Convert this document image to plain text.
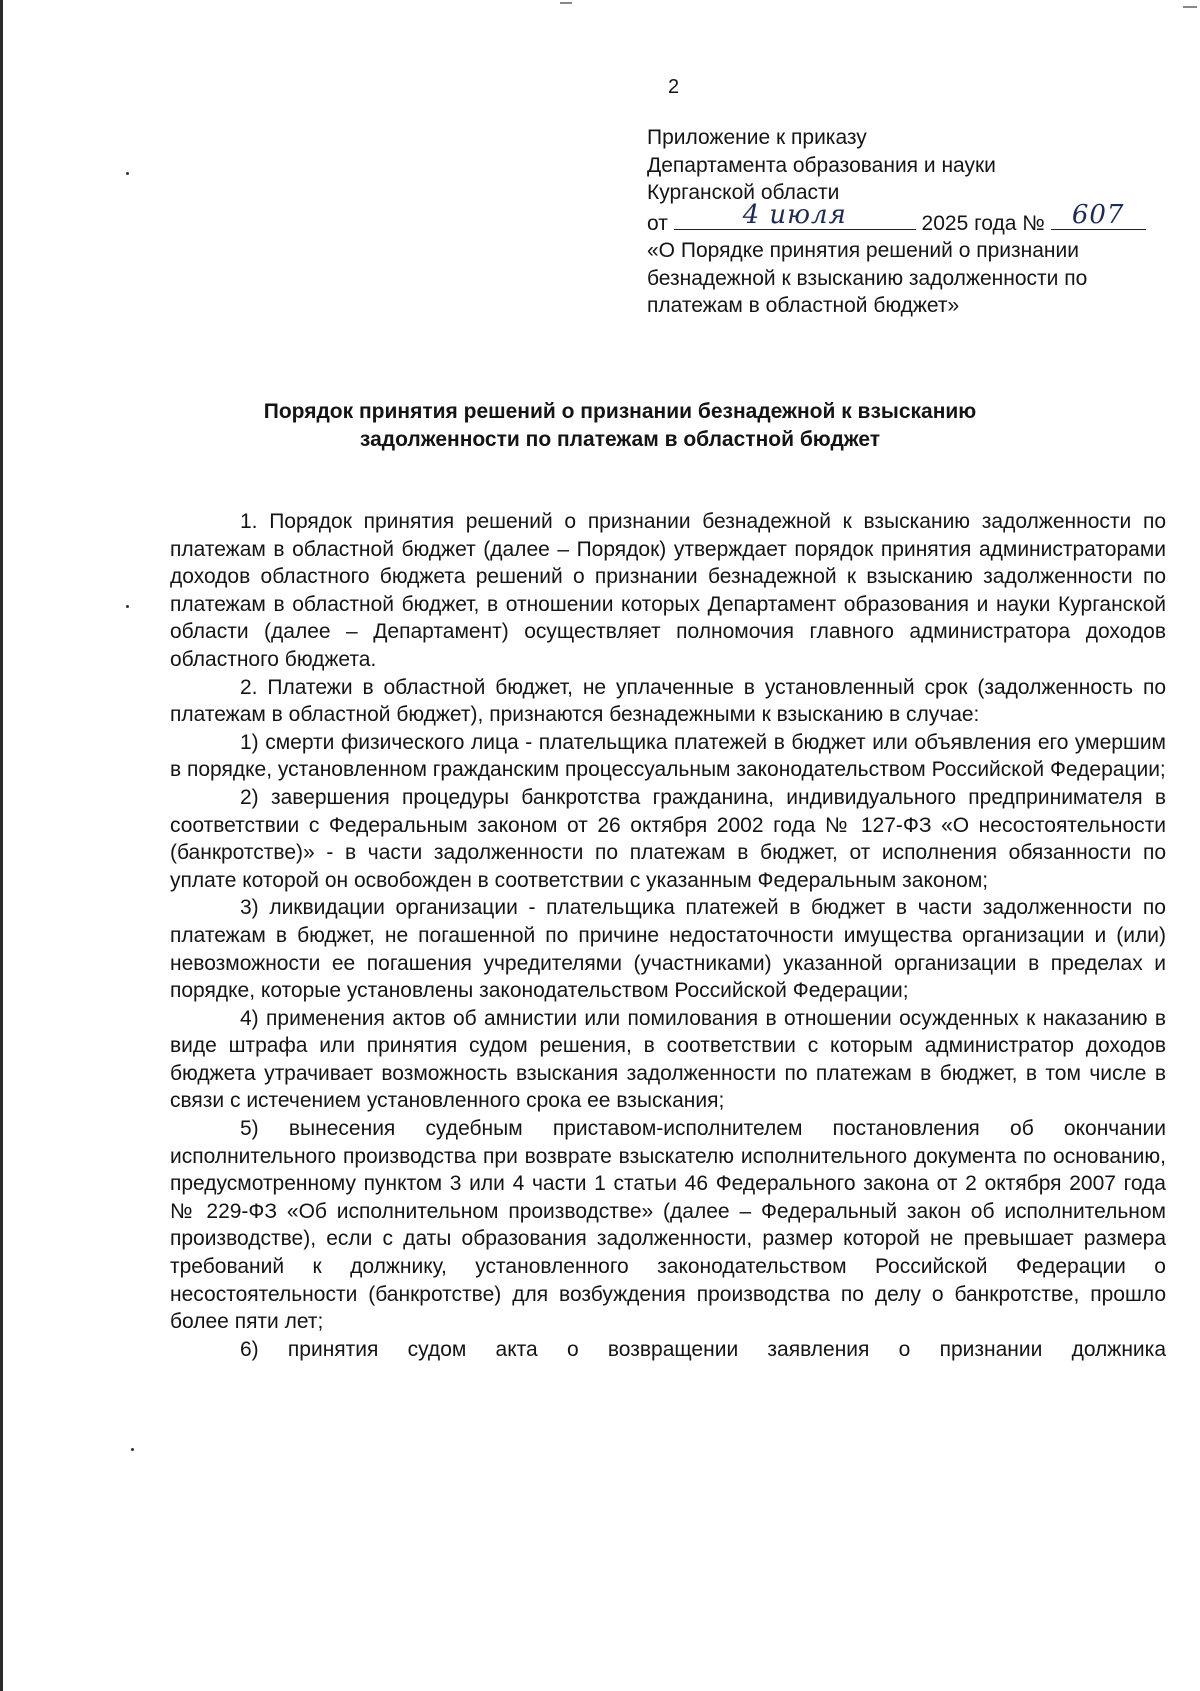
2
Приложение к приказу
Департамента образования и науки
Курганской области
от	4 июля	2025 года №	607
«О Порядке принятия решений о признании
безнадежной к взысканию задолженности по
платежам в областной бюджет»
Порядок принятия решений о признании безнадежной к взысканию
задолженности по платежам в областной бюджет

1. Порядок принятия решений о признании безнадежной к взысканию задолженности по платежам в областной бюджет (далее – Порядок) утверждает порядок принятия администраторами доходов областного бюджета решений о признании безнадежной к взысканию задолженности по платежам в областной бюджет, в отношении которых Департамент образования и науки Курганской области (далее – Департамент) осуществляет полномочия главного администратора доходов областного бюджета.

2. Платежи в областной бюджет, не уплаченные в установленный срок (задолженность по платежам в областной бюджет), признаются безнадежными к взысканию в случае:

1) смерти физического лица - плательщика платежей в бюджет или объявления его умершим в порядке, установленном гражданским процессуальным законодательством Российской Федерации;

2) завершения процедуры банкротства гражданина, индивидуального предпринимателя в соответствии с Федеральным законом от 26 октября 2002 года № 127-ФЗ «О несостоятельности (банкротстве)» - в части задолженности по платежам в бюджет, от исполнения обязанности по уплате которой он освобожден в соответствии с указанным Федеральным законом;

3) ликвидации организации - плательщика платежей в бюджет в части задолженности по платежам в бюджет, не погашенной по причине недостаточности имущества организации и (или) невозможности ее погашения учредителями (участниками) указанной организации в пределах и порядке, которые установлены законодательством Российской Федерации;

4) применения актов об амнистии или помилования в отношении осужденных к наказанию в виде штрафа или принятия судом решения, в соответствии с которым администратор доходов бюджета утрачивает возможность взыскания задолженности по платежам в бюджет, в том числе в связи с истечением установленного срока ее взыскания;

5) вынесения судебным приставом-исполнителем постановления об окончании исполнительного производства при возврате взыскателю исполнительного документа по основанию, предусмотренному пунктом 3 или 4 части 1 статьи 46 Федерального закона от 2 октября 2007 года № 229-ФЗ «Об исполнительном производстве» (далее – Федеральный закон об исполнительном производстве), если с даты образования задолженности, размер которой не превышает размера требований к должнику, установленного законодательством Российской Федерации о несостоятельности (банкротстве) для возбуждения производства по делу о банкротстве, прошло более пяти лет;

6) принятия судом акта о возвращении заявления о признании должника
